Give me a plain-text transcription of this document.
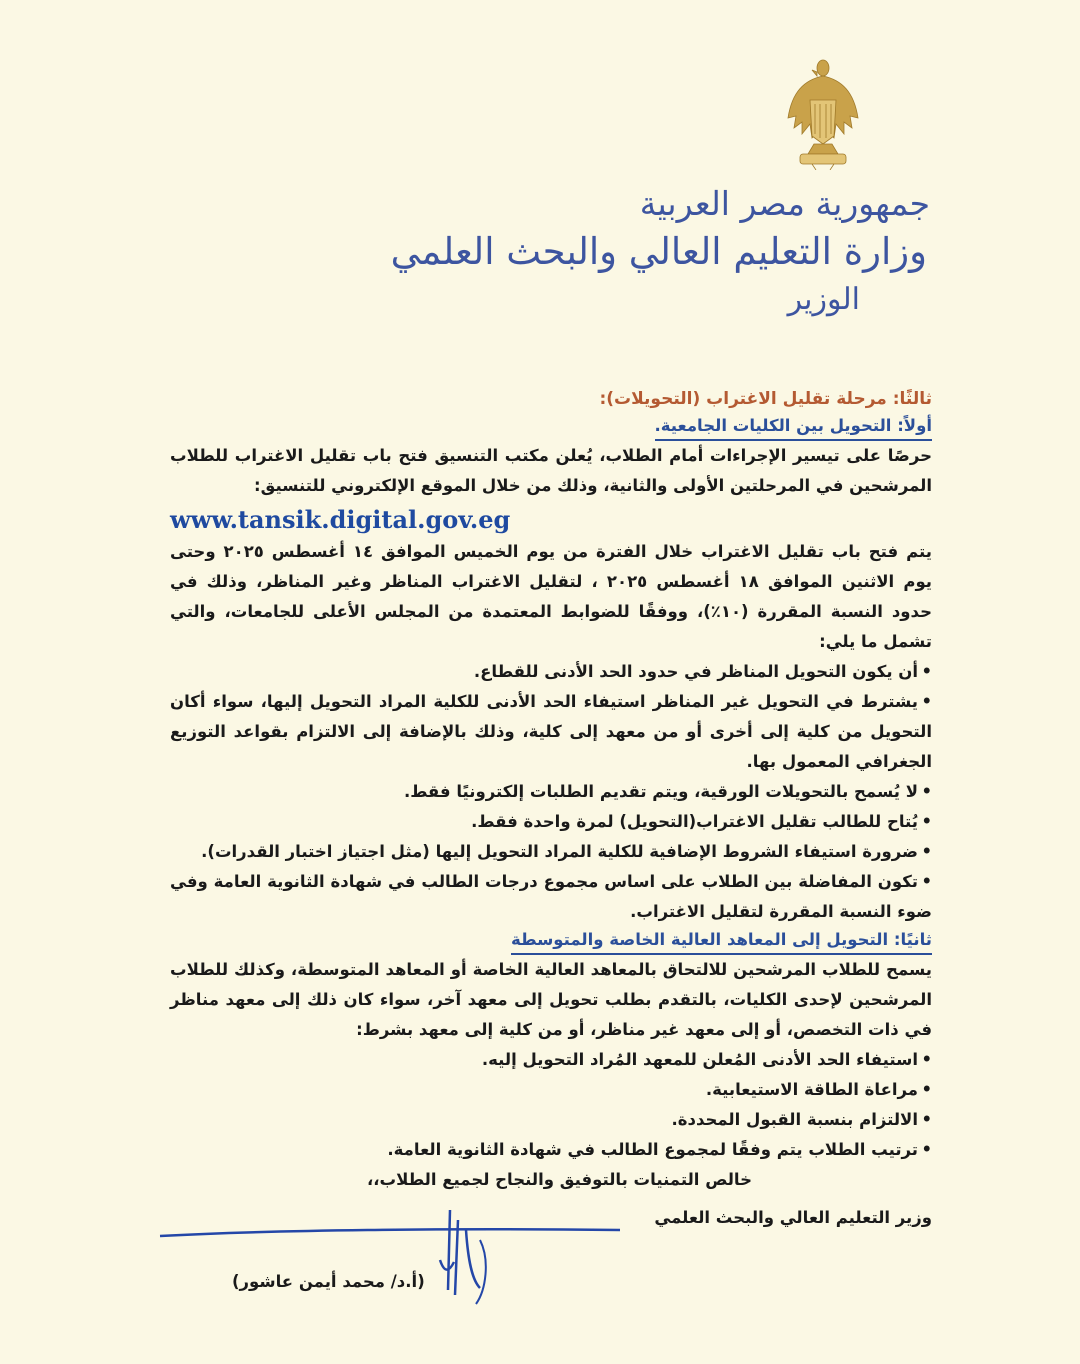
جمهورية مصر العربية
وزارة التعليم العالي والبحث العلمي
الوزير
ثالثًا: مرحلة تقليل الاغتراب (التحويلات):
أولاً: التحويل بين الكليات الجامعية.

حرصًا على تيسير الإجراءات أمام الطلاب، يُعلن مكتب التنسيق فتح باب تقليل الاغتراب للطلاب المرشحين في المرحلتين الأولى والثانية، وذلك من خلال الموقع الإلكتروني للتنسيق:

www.tansik.digital.gov.eg

يتم فتح باب تقليل الاغتراب خلال الفترة من يوم الخميس الموافق ١٤ أغسطس ٢٠٢٥ وحتى يوم الاثنين الموافق ١٨ أغسطس ٢٠٢٥ ، لتقليل الاغتراب المناظر وغير المناظر، وذلك في حدود النسبة المقررة (١٠٪)، ووفقًا للضوابط المعتمدة من المجلس الأعلى للجامعات، والتي تشمل ما يلي:

•أن يكون التحويل المناظر في حدود الحد الأدنى للقطاع.
•يشترط في التحويل غير المناظر استيفاء الحد الأدنى للكلية المراد التحويل إليها، سواء أكان التحويل من كلية إلى أخرى أو من معهد إلى كلية، وذلك بالإضافة إلى الالتزام بقواعد التوزيع الجغرافي المعمول بها.
•لا يُسمح بالتحويلات الورقية، ويتم تقديم الطلبات إلكترونيًا فقط.
•يُتاح للطالب تقليل الاغتراب(التحويل) لمرة واحدة فقط.
•ضرورة استيفاء الشروط الإضافية للكلية المراد التحويل إليها (مثل اجتياز اختبار القدرات).
•تكون المفاضلة بين الطلاب على اساس مجموع درجات الطالب في شهادة الثانوية العامة وفي ضوء النسبة المقررة لتقليل الاغتراب.
ثانيًا: التحويل إلى المعاهد العالية الخاصة والمتوسطة

يسمح للطلاب المرشحين للالتحاق بالمعاهد العالية الخاصة أو المعاهد المتوسطة، وكذلك للطلاب المرشحين لإحدى الكليات، بالتقدم بطلب تحويل إلى معهد آخر، سواء كان ذلك إلى معهد مناظر في ذات التخصص، أو إلى معهد غير مناظر، أو من كلية إلى معهد بشرط:

•استيفاء الحد الأدنى المُعلن للمعهد المُراد التحويل إليه.
•مراعاة الطاقة الاستيعابية.
•الالتزام بنسبة القبول المحددة.
•ترتيب الطلاب يتم وفقًا لمجموع الطالب في شهادة الثانوية العامة.
خالص التمنيات بالتوفيق والنجاح لجميع الطلاب،،
وزير التعليم العالي والبحث العلمي
(أ.د/ محمد أيمن عاشور)
